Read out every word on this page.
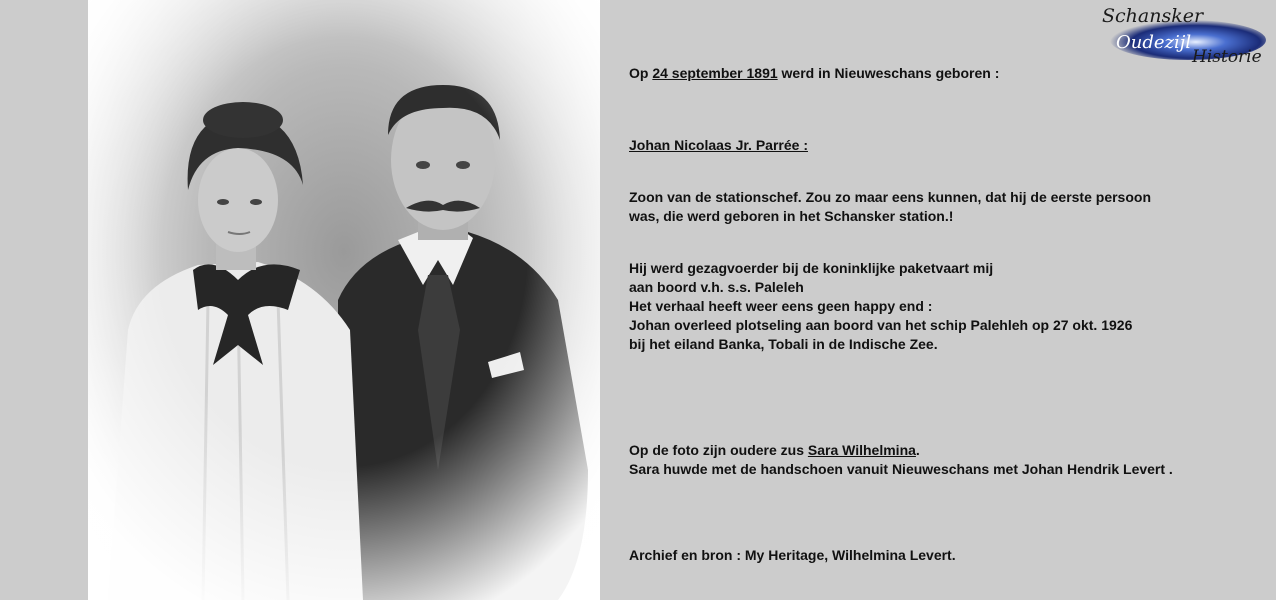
Schansker
Oudezijl
Historie

Op 24 september 1891 werd in Nieuweschans geboren :

Johan Nicolaas Jr. Parrée :

Zoon van de stationschef. Zou zo maar eens kunnen, dat hij de eerste persoon

was, die werd geboren in het Schansker station.!

Hij werd gezagvoerder bij de koninklijke paketvaart mij

aan boord v.h. s.s. Paleleh

Het verhaal heeft weer eens geen happy end :

Johan overleed plotseling aan boord van het schip Palehleh op 27 okt. 1926

bij het eiland Banka, Tobali in de Indische Zee.

Op de foto zijn oudere zus Sara Wilhelmina.

Sara huwde met de handschoen vanuit Nieuweschans met Johan Hendrik Levert .

Archief en bron : My Heritage, Wilhelmina Levert.
